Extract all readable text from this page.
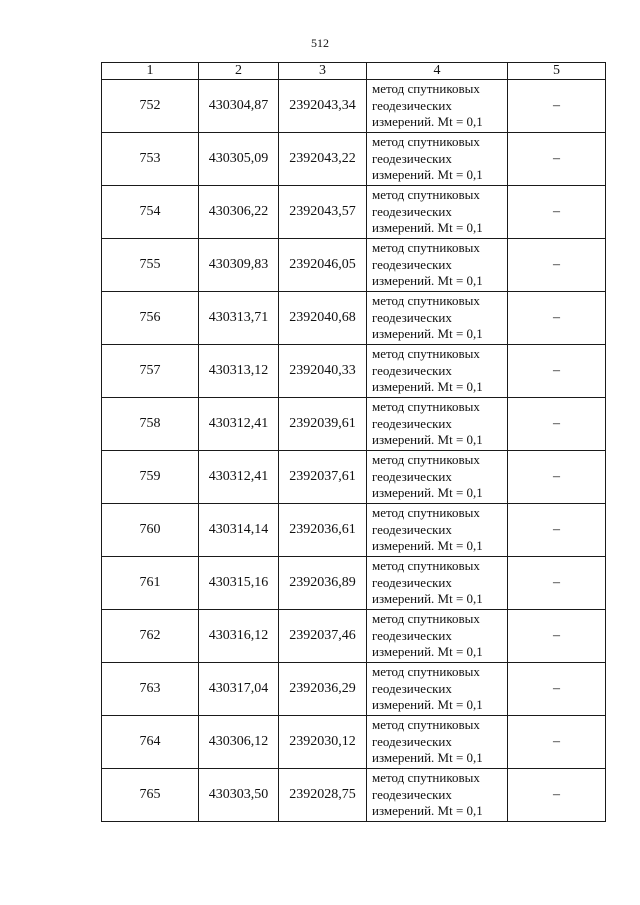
512
1	2	3	4	5
752	430304,87	2392043,34	метод спутниковых
геодезических
измерений. Mt = 0,1	–
753	430305,09	2392043,22	метод спутниковых
геодезических
измерений. Mt = 0,1	–
754	430306,22	2392043,57	метод спутниковых
геодезических
измерений. Mt = 0,1	–
755	430309,83	2392046,05	метод спутниковых
геодезических
измерений. Mt = 0,1	–
756	430313,71	2392040,68	метод спутниковых
геодезических
измерений. Mt = 0,1	–
757	430313,12	2392040,33	метод спутниковых
геодезических
измерений. Mt = 0,1	–
758	430312,41	2392039,61	метод спутниковых
геодезических
измерений. Mt = 0,1	–
759	430312,41	2392037,61	метод спутниковых
геодезических
измерений. Mt = 0,1	–
760	430314,14	2392036,61	метод спутниковых
геодезических
измерений. Mt = 0,1	–
761	430315,16	2392036,89	метод спутниковых
геодезических
измерений. Mt = 0,1	–
762	430316,12	2392037,46	метод спутниковых
геодезических
измерений. Mt = 0,1	–
763	430317,04	2392036,29	метод спутниковых
геодезических
измерений. Mt = 0,1	–
764	430306,12	2392030,12	метод спутниковых
геодезических
измерений. Mt = 0,1	–
765	430303,50	2392028,75	метод спутниковых
геодезических
измерений. Mt = 0,1	–
